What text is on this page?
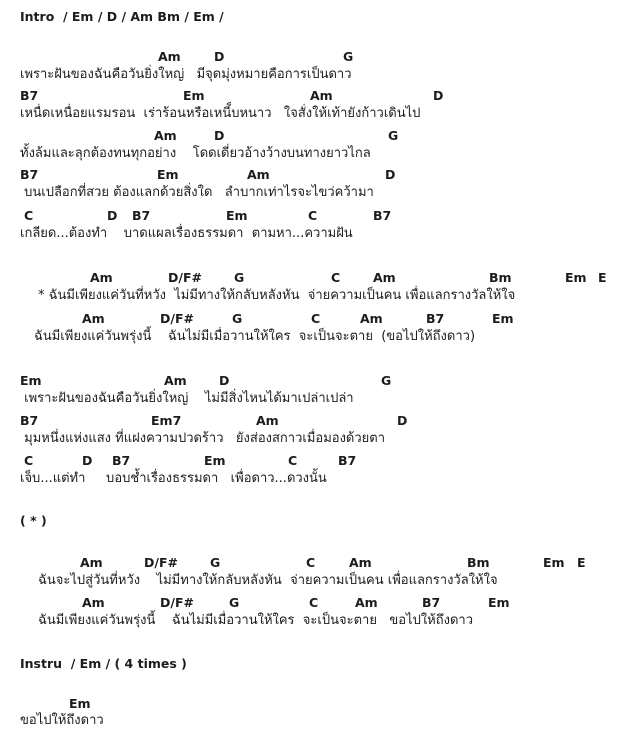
Intro  / Em / D / Am Bm / Em /
Am	D	G
เพราะฝันของฉันคือวันยิ่งใหญ่   มีจุดมุ่งหมายคือการเป็นดาว
B7	Em	Am	D
เหนื่ดเหนื่อยแรมรอน  เร่าร้อนหรือเหนี็บหนาว   ใจสั่งให้เท้ายังก้าวเดินไป
Am	D	G
ทั้งล้มและลุกต้องทนทุกอย่าง    โดดเดี่ยวอ้างว้างบนทางยาวไกล
B7	Em	Am	D
บนเปลือกที่สวย ต้องแลกด้วยสิ่งใด   ลำบากเท่าไรจะไขว่คว้ามา
C	D B7	Em	C	B7
เกลียด...ต้องทำ    บาดแผลเรื่องธรรมดา  ตามหา...ความฝัน
Am	D/F#	G	C	Am	Bm	Em E
* ฉันมีเพียงแค่วันที่หวัง  ไม่มีทางให้กลับหลังหัน  จ่ายความเป็นคน เพื่อแลกรางวัลให้ใจ
Am	D/F#	G	C	Am	B7	Em
ฉันมีเพียงแค่วันพรุ่งนี้    ฉันไม่มีเมื่อวานให้ใคร  จะเป็นจะตาย  (ขอไปให้ถึงดาว)
Em	Am	D	G
เพราะฝันของฉันคือวันยิ่งใหญ่    ไม่มีสิ่งไหนได้มาเปล่าเปล่า
B7	Em7	Am	D
มุมหนึ่งแห่งแสง ที่แฝงความปวดร้าว   ยังส่องสกาวเมื่อมองด้วยตา
C	D B7	Em	C	B7
เจ็บ...แต่ทำ     บอบช้ำเรื่องธรรมดา   เพื่อดาว...ดวงนั้น
( * )
Am	D/F#	G	C	Am	Bm	Em E
ฉันจะไปสู่วันที่หวัง    ไม่มีทางให้กลับหลังหัน  จ่ายความเป็นคน เพื่อแลกรางวัลให้ใจ
Am	D/F#	G	C	Am	B7	Em
ฉันมีเพียงแค่วันพรุ่งนี้    ฉันไม่มีเมื่อวานให้ใคร  จะเป็นจะตาย   ขอไปให้ถึงดาว
Instru  / Em / ( 4 times )
Em
ขอไปให้ถึงดาว
